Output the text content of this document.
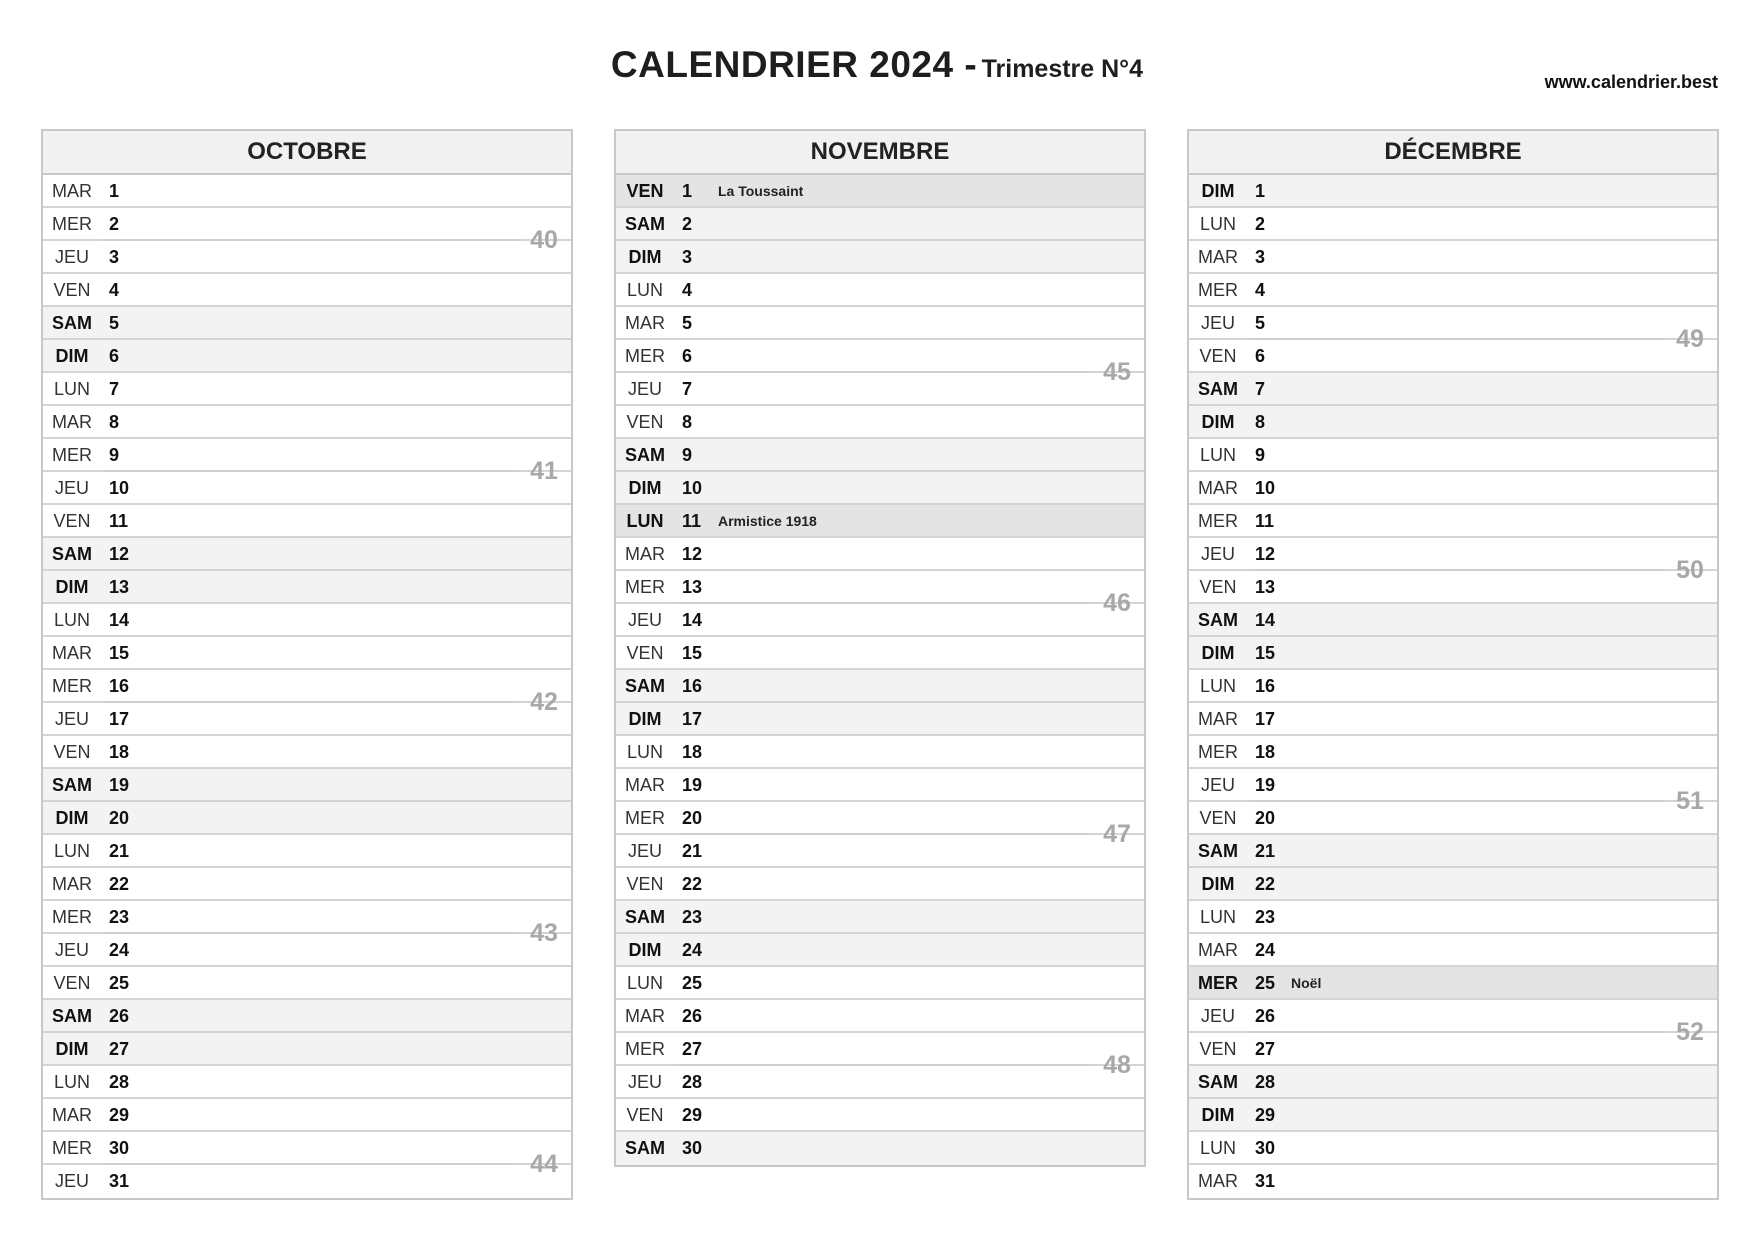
CALENDRIER 2024 - Trimestre N°4	www.calendrier.best
OCTOBRE
MAR 1
MER 2
JEU	3
VEN	4
SAM 5
DIM	6
LUN	7
MAR 8
MER 9
JEU	10
VEN	11
SAM 12
DIM	13
LUN	14
MAR 15
MER 16
JEU	17
VEN	18
SAM 19
DIM	20
LUN	21
MAR 22
MER 23
JEU	24
VEN	25
SAM 26
DIM	27
LUN	28
MAR 29
MER 30
JEU	31
40
41
42
43
44
NOVEMBRE
VEN	1 La Toussaint
SAM 2
DIM	3
LUN	4
MAR 5
MER 6
JEU	7
VEN	8
SAM 9
DIM	10
LUN	11 Armistice 1918
MAR 12
MER 13
JEU	14
VEN	15
SAM 16
DIM	17
LUN	18
MAR 19
MER 20
JEU	21
VEN	22
SAM 23
DIM	24
LUN	25
MAR 26
MER 27
JEU	28
VEN	29
SAM 30
45
46
47
48
DÉCEMBRE
DIM	1
LUN	2
MAR 3
MER 4
JEU	5
VEN	6
SAM 7
DIM	8
LUN	9
MAR 10
MER 11
JEU	12
VEN	13
SAM 14
DIM	15
LUN	16
MAR 17
MER 18
JEU	19
VEN	20
SAM 21
DIM	22
LUN	23
MAR 24
MER 25 Noël
JEU	26
VEN	27
SAM 28
DIM	29
LUN	30
MAR 31
49
50
51
52
